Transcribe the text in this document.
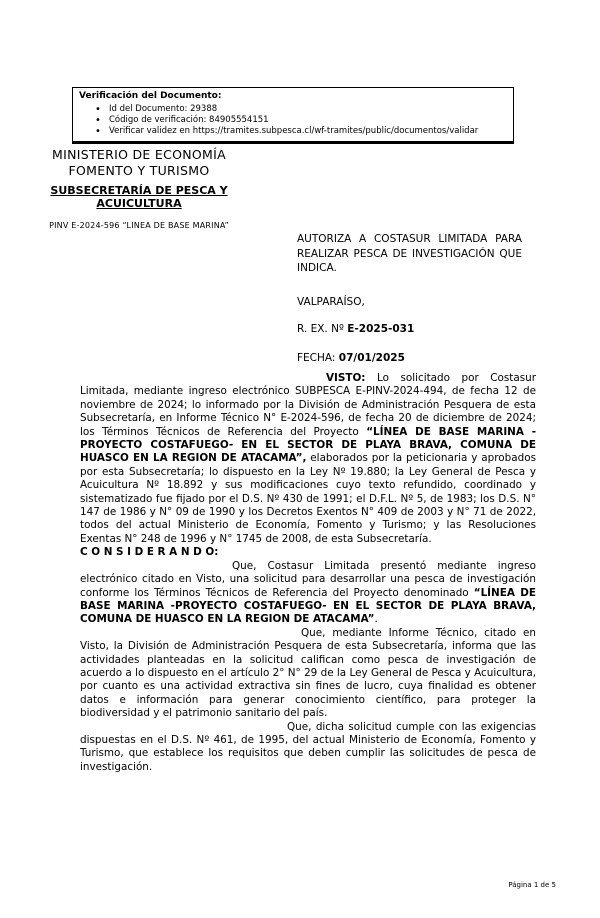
Verificación del Documento:
• Id del Documento: 29388
• Código de verificación: 84905554151
• Verificar validez en https://tramites.subpesca.cl/wf-tramites/public/documentos/validar
MINISTERIO DE ECONOMÍA
FOMENTO Y TURISMO
SUBSECRETARÍA DE PESCA Y
ACUICULTURA
PINV E-2024-596 “LINEA DE BASE MARINA”
AUTORIZA A COSTASUR LIMITADA PARA REALIZAR PESCA DE INVESTIGACIÓN QUE INDICA.
VALPARAÍSO,
R. EX. Nº E-2025-031
FECHA: 07/01/2025

VISTO: Lo solicitado por Costasur Limitada, mediante ingreso electrónico SUBPESCA E-PINV-2024-494, de fecha 12 de noviembre de 2024; lo informado por la División de Administración Pesquera de esta Subsecretaría, en Informe Técnico N° E-2024-596, de fecha 20 de diciembre de 2024; los Términos Técnicos de Referencia del Proyecto “LÍNEA DE BASE MARINA -PROYECTO COSTAFUEGO- EN EL SECTOR DE PLAYA BRAVA, COMUNA DE HUASCO EN LA REGION DE ATACAMA”, elaborados por la peticionaria y aprobados por esta Subsecretaría; lo dispuesto en la Ley Nº 19.880; la Ley General de Pesca y Acuicultura Nº 18.892 y sus modificaciones cuyo texto refundido, coordinado y sistematizado fue fijado por el D.S. Nº 430 de 1991; el D.F.L. Nº 5, de 1983; los D.S. N° 147 de 1986 y N° 09 de 1990 y los Decretos Exentos N° 409 de 2003 y N° 71 de 2022, todos del actual Ministerio de Economía, Fomento y Turismo; y las Resoluciones Exentas N° 248 de 1996 y N° 1745 de 2008, de esta Subsecretaría.

C O N S I D E R A N D O:

Que, Costasur Limitada presentó mediante ingreso electrónico citado en Visto, una solicitud para desarrollar una pesca de investigación conforme los Términos Técnicos de Referencia del Proyecto denominado “LÍNEA DE BASE MARINA -PROYECTO COSTAFUEGO- EN EL SECTOR DE PLAYA BRAVA, COMUNA DE HUASCO EN LA REGION DE ATACAMA”.

Que, mediante Informe Técnico, citado en Visto, la División de Administración Pesquera de esta Subsecretaría, informa que las actividades planteadas en la solicitud califican como pesca de investigación de acuerdo a lo dispuesto en el artículo 2° N° 29 de la Ley General de Pesca y Acuicultura, por cuanto es una actividad extractiva sin fines de lucro, cuya finalidad es obtener datos e información para generar conocimiento científico, para proteger la biodiversidad y el patrimonio sanitario del país.

Que, dicha solicitud cumple con las exigencias dispuestas en el D.S. Nº 461, de 1995, del actual Ministerio de Economía, Fomento y Turismo, que establece los requisitos que deben cumplir las solicitudes de pesca de investigación.

Página 1 de 5
